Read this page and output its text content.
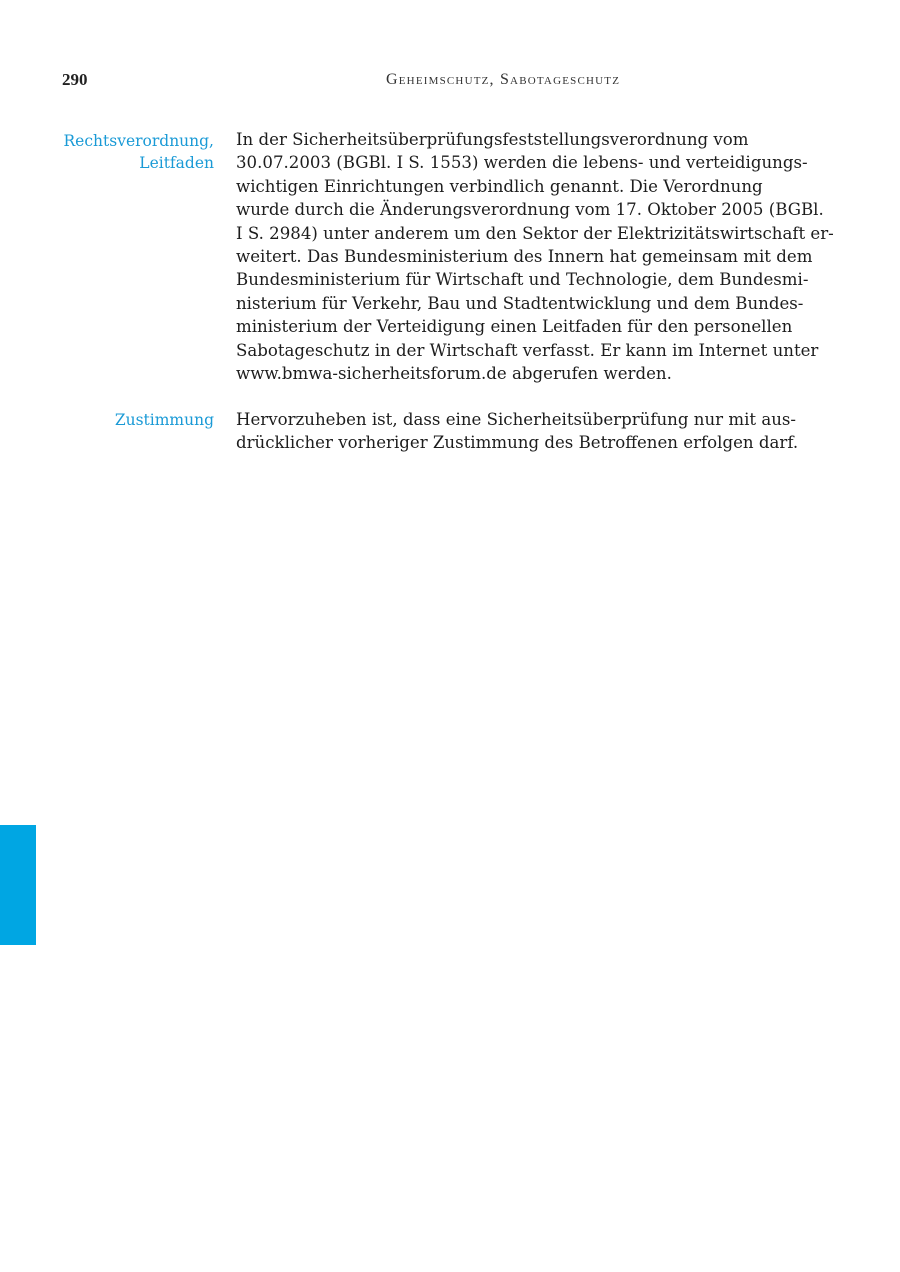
290	Geheimschutz, Sabotageschutz
Rechtsverordnung,
Leitfaden
In der Sicherheitsüberprüfungsfeststellungsverordnung vom
30.07.2003 (BGBl. I S. 1553) werden die lebens- und verteidigungs-
wichtigen Einrichtungen verbindlich genannt. Die Verordnung
wurde durch die Änderungsverordnung vom 17. Oktober 2005 (BGBl.
I S. 2984) unter anderem um den Sektor der Elektrizitätswirtschaft er-
weitert. Das Bundesministerium des Innern hat gemeinsam mit dem
Bundesministerium für Wirtschaft und Technologie, dem Bundesmi-
nisterium für Verkehr, Bau und Stadtentwicklung und dem Bundes-
ministerium der Verteidigung einen Leitfaden für den personellen
Sabotageschutz in der Wirtschaft verfasst. Er kann im Internet unter
www.bmwa-sicherheitsforum.de abgerufen werden.
Zustimmung Hervorzuheben ist, dass eine Sicherheitsüberprüfung nur mit aus-
drücklicher vorheriger Zustimmung des Betroffenen erfolgen darf.
